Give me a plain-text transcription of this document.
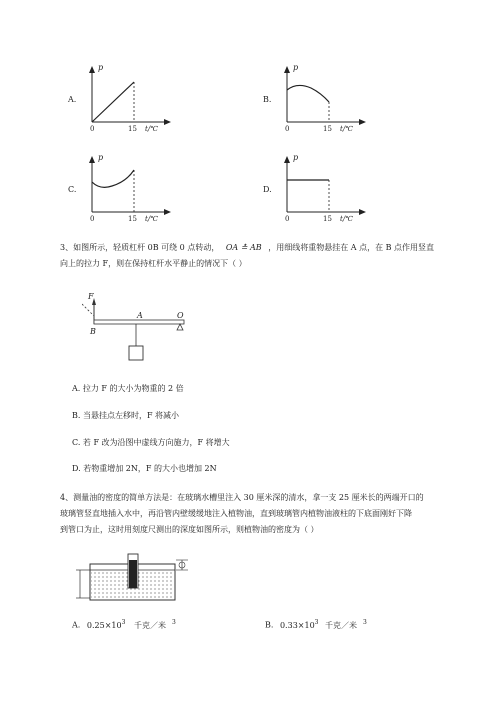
A.
p
0	15 t/℃
B.
p
0	15 t/℃
C.
p
0	15 t/℃
D.
p
0	15 t/℃
3、如图所示，轻质杠杆 0B 可绕 0 点转动， OA ≛ AB ，用细线将重物悬挂在 A 点，在 B 点作用竖直
向上的拉力 F，则在保持杠杆水平静止的情况下（ ）
F
A	O
B
A. 拉力 F 的大小为物重的 2 倍
B. 当悬挂点左移时，F 将减小
C. 若 F 改为沿图中虚线方向施力，F 将增大
D. 若物重增加 2N，F 的大小也增加 2N
4、测量油的密度的简单方法是：在玻璃水槽里注入 30 厘米深的清水，拿一支 25 厘米长的两端开口的
玻璃管竖直地插入水中，再沿管内壁缓缓地注入植物油，直到玻璃管内植物油液柱的下底面刚好下降
到管口为止，这时用刻度尺测出的深度如图所示，则植物油的密度为（ ）
A. $0.25\times 10^3$ 千克／米 $^3$	B. $0.33\times 10^3$ 千克／米 $^3$
